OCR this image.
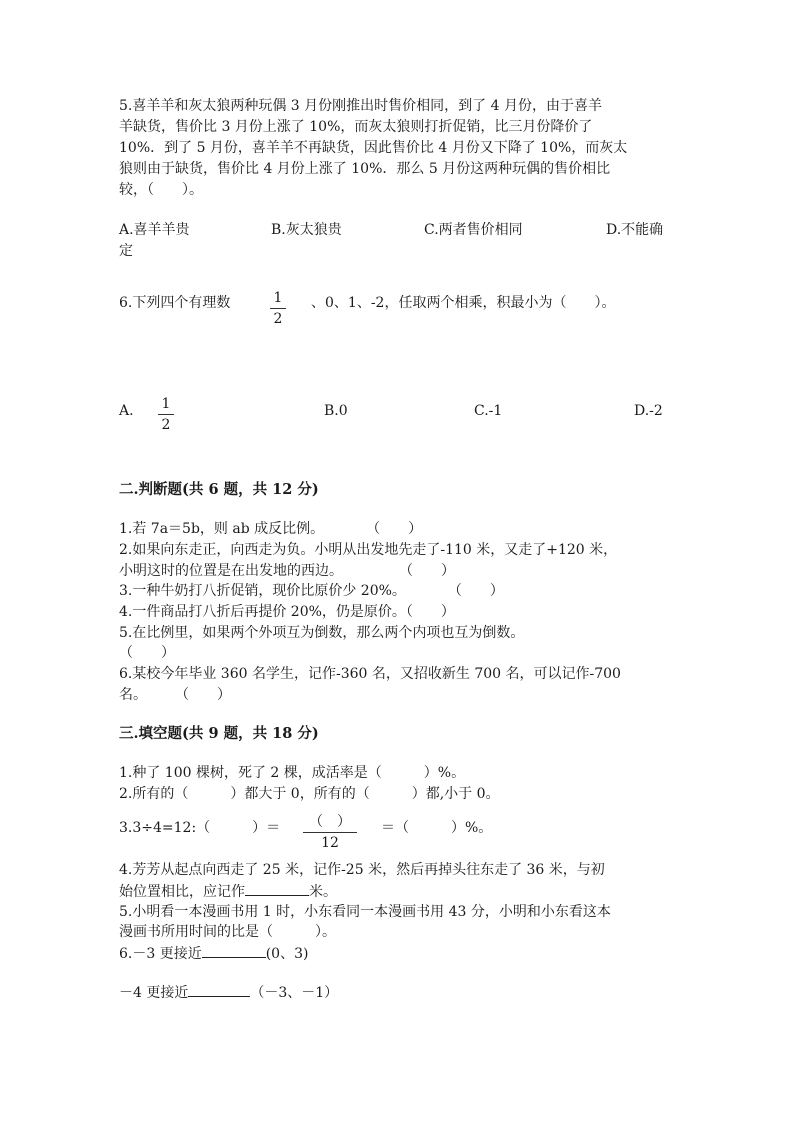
5.喜羊羊和灰太狼两种玩偶 3 月份刚推出时售价相同，到了 4 月份，由于喜羊
羊缺货，售价比 3 月份上涨了 10%，而灰太狼则打折促销，比三月份降价了
10%．到了 5 月份，喜羊羊不再缺货，因此售价比 4 月份又下降了 10%，而灰太
狼则由于缺货，售价比 4 月份上涨了 10%．那么 5 月份这两种玩偶的售价相比
较，（　　）。
A.喜羊羊贵	B.灰太狼贵	C.两者售价相同	D.不能确
定
6.下列四个有理数	1
2
、0、1、-2，任取两个相乘，积最小为（　　）。
A. 1
2
B.0	C.-1	D.-2
二.判断题(共 6 题，共 12 分)
1.若 7a＝5b，则 ab 成反比例。　　　　（　　）
2.如果向东走正，向西走为负。小明从出发地先走了-110 米，又走了+120 米，
小明这时的位置是在出发地的西边。　　　　　（　　）
3.一种牛奶打八折促销，现价比原价少 20%。　　　　（　　）
4.一件商品打八折后再提价 20%，仍是原价。（　　）
5.在比例里，如果两个外项互为倒数，那么两个内项也互为倒数。
（　　）
6.某校今年毕业 360 名学生，记作-360 名，又招收新生 700 名，可以记作-700
名。　　　（　　）
三.填空题(共 9 题，共 18 分)
1.种了 100 棵树，死了 2 棵，成活率是（　　　）%。
2.所有的（　　　）都大于 0，所有的（　　　）都,小于 0。
3.3÷4=12:（　　　）＝	（　）
12
＝（　　　）%。
4.芳芳从起点向西走了 25 米，记作-25 米，然后再掉头往东走了 36 米，与初
始位置相比，应记作	米。
5.小明看一本漫画书用 1 时，小东看同一本漫画书用 43 分，小明和小东看这本
漫画书所用时间的比是（　　　）。
6.－3 更接近	(0、3)
－4 更接近	（－3、－1）
